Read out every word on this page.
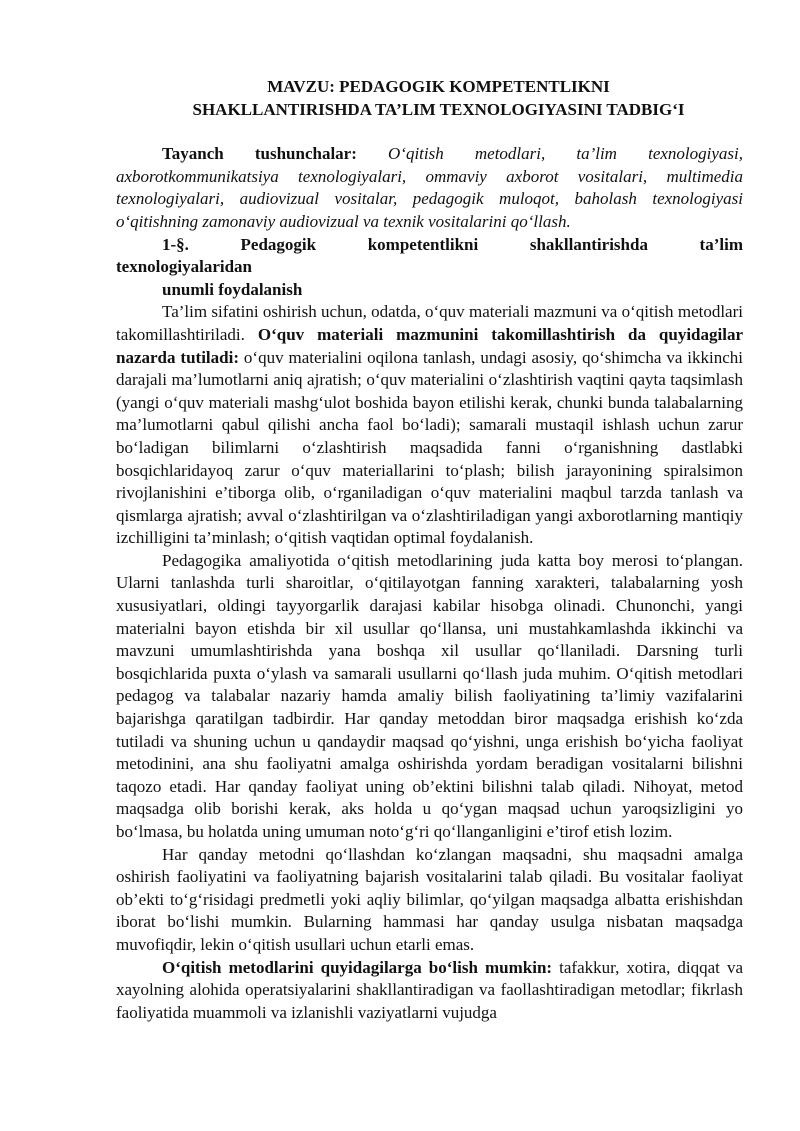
MAVZU: PEDAGOGIK KOMPETENTLIKNI
SHAKLLANTIRISHDA TA’LIM TEXNOLOGIYASINI TADBIG‘I

Tayanch tushunchalar: O‘qitish metodlari, ta’lim texnologiyasi, axborotkommunikatsiya texnologiyalari, ommaviy axborot vositalari, multimedia texnologiyalari, audiovizual vositalar, pedagogik muloqot, baholash texnologiyasi o‘qitishning zamonaviy audiovizual va texnik vositalarini qo‘llash.

1-§. Pedagogik kompetentlikni shakllantirishda ta’lim

texnologiyalaridan

unumli foydalanish

Ta’lim sifatini oshirish uchun, odatda, o‘quv materiali mazmuni va o‘qitish metodlari takomillashtiriladi. O‘quv materiali mazmunini takomillashtirish da quyidagilar nazarda tutiladi: o‘quv materialini oqilona tanlash, undagi asosiy, qo‘shimcha va ikkinchi darajali ma’lumotlarni aniq ajratish; o‘quv materialini o‘zlashtirish vaqtini qayta taqsimlash (yangi o‘quv materiali mashg‘ulot boshida bayon etilishi kerak, chunki bunda talabalarning ma’lumotlarni qabul qilishi ancha faol bo‘ladi); samarali mustaqil ishlash uchun zarur bo‘ladigan bilimlarni o‘zlashtirish maqsadida fanni o‘rganishning dastlabki bosqichlaridayoq zarur o‘quv materiallarini to‘plash; bilish jarayonining spiralsimon rivojlanishini e’tiborga olib, o‘rganiladigan o‘quv materialini maqbul tarzda tanlash va qismlarga ajratish; avval o‘zlashtirilgan va o‘zlashtiriladigan yangi axborotlarning mantiqiy izchilligini ta’minlash; o‘qitish vaqtidan optimal foydalanish.

Pedagogika amaliyotida o‘qitish metodlarining juda katta boy merosi to‘plangan. Ularni tanlashda turli sharoitlar, o‘qitilayotgan fanning xarakteri, talabalarning yosh xususiyatlari, oldingi tayyorgarlik darajasi kabilar hisobga olinadi. Chunonchi, yangi materialni bayon etishda bir xil usullar qo‘llansa, uni mustahkamlashda ikkinchi va mavzuni umumlashtirishda yana boshqa xil usullar qo‘llaniladi. Darsning turli bosqichlarida puxta o‘ylash va samarali usullarni qo‘llash juda muhim. O‘qitish metodlari pedagog va talabalar nazariy hamda amaliy bilish faoliyatining ta’limiy vazifalarini bajarishga qaratilgan tadbirdir. Har qanday metoddan biror maqsadga erishish ko‘zda tutiladi va shuning uchun u qandaydir maqsad qo‘yishni, unga erishish bo‘yicha faoliyat metodinini, ana shu faoliyatni amalga oshirishda yordam beradigan vositalarni bilishni taqozo etadi. Har qanday faoliyat uning ob’ektini bilishni talab qiladi. Nihoyat, metod maqsadga olib borishi kerak, aks holda u qo‘ygan maqsad uchun yaroqsizligini yo bo‘lmasa, bu holatda uning umuman noto‘g‘ri qo‘llanganligini e’tirof etish lozim.

Har qanday metodni qo‘llashdan ko‘zlangan maqsadni, shu maqsadni amalga oshirish faoliyatini va faoliyatning bajarish vositalarini talab qiladi. Bu vositalar faoliyat ob’ekti to‘g‘risidagi predmetli yoki aqliy bilimlar, qo‘yilgan maqsadga albatta erishishdan iborat bo‘lishi mumkin. Bularning hammasi har qanday usulga nisbatan maqsadga muvofiqdir, lekin o‘qitish usullari uchun etarli emas.

O‘qitish metodlarini quyidagilarga bo‘lish mumkin: tafakkur, xotira, diqqat va xayolning alohida operatsiyalarini shakllantiradigan va faollashtiradigan metodlar; fikrlash faoliyatida muammoli va izlanishli vaziyatlarni vujudga
